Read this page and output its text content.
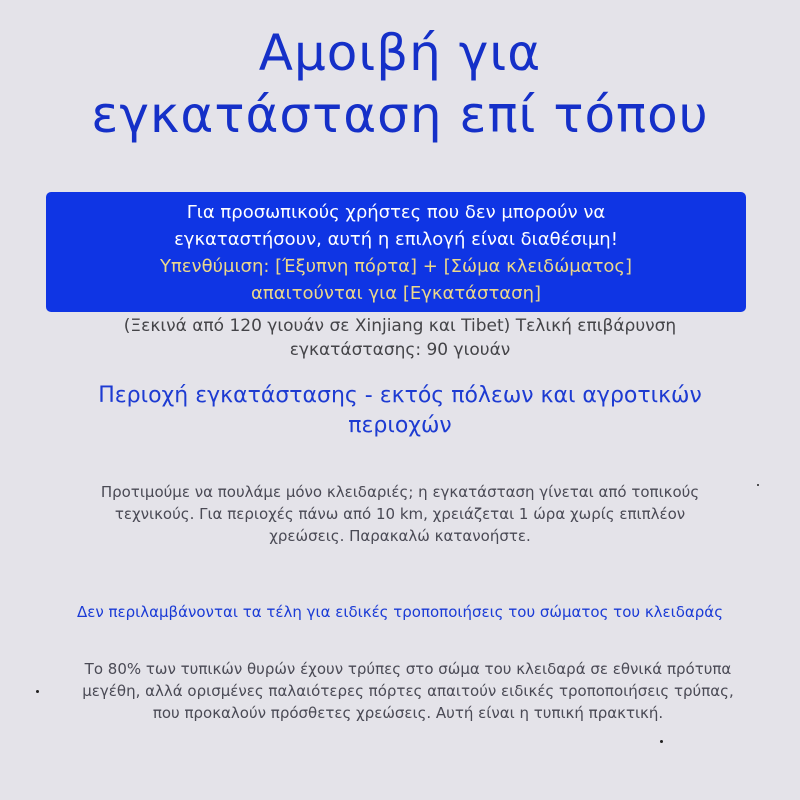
Αμοιβή για
εγκατάσταση επί τόπου
Για προσωπικούς χρήστες που δεν μπορούν να
εγκαταστήσουν, αυτή η επιλογή είναι διαθέσιμη!
Υπενθύμιση: [Έξυπνη πόρτα] + [Σώμα κλειδώματος]
απαιτούνται για [Εγκατάσταση]
(Ξεκινά από 120 γιουάν σε Xinjiang και Tibet) Τελική επιβάρυνση
εγκατάστασης: 90 γιουάν
Περιοχή εγκατάστασης - εκτός πόλεων και αγροτικών
περιοχών
Προτιμούμε να πουλάμε μόνο κλειδαριές; η εγκατάσταση γίνεται από τοπικούς
τεχνικούς. Για περιοχές πάνω από 10 km, χρειάζεται 1 ώρα χωρίς επιπλέον
χρεώσεις. Παρακαλώ κατανοήστε.
Δεν περιλαμβάνονται τα τέλη για ειδικές τροποποιήσεις του σώματος του κλειδαράς
Το 80% των τυπικών θυρών έχουν τρύπες στο σώμα του κλειδαρά σε εθνικά πρότυπα
μεγέθη, αλλά ορισμένες παλαιότερες πόρτες απαιτούν ειδικές τροποποιήσεις τρύπας,
που προκαλούν πρόσθετες χρεώσεις. Αυτή είναι η τυπική πρακτική.
